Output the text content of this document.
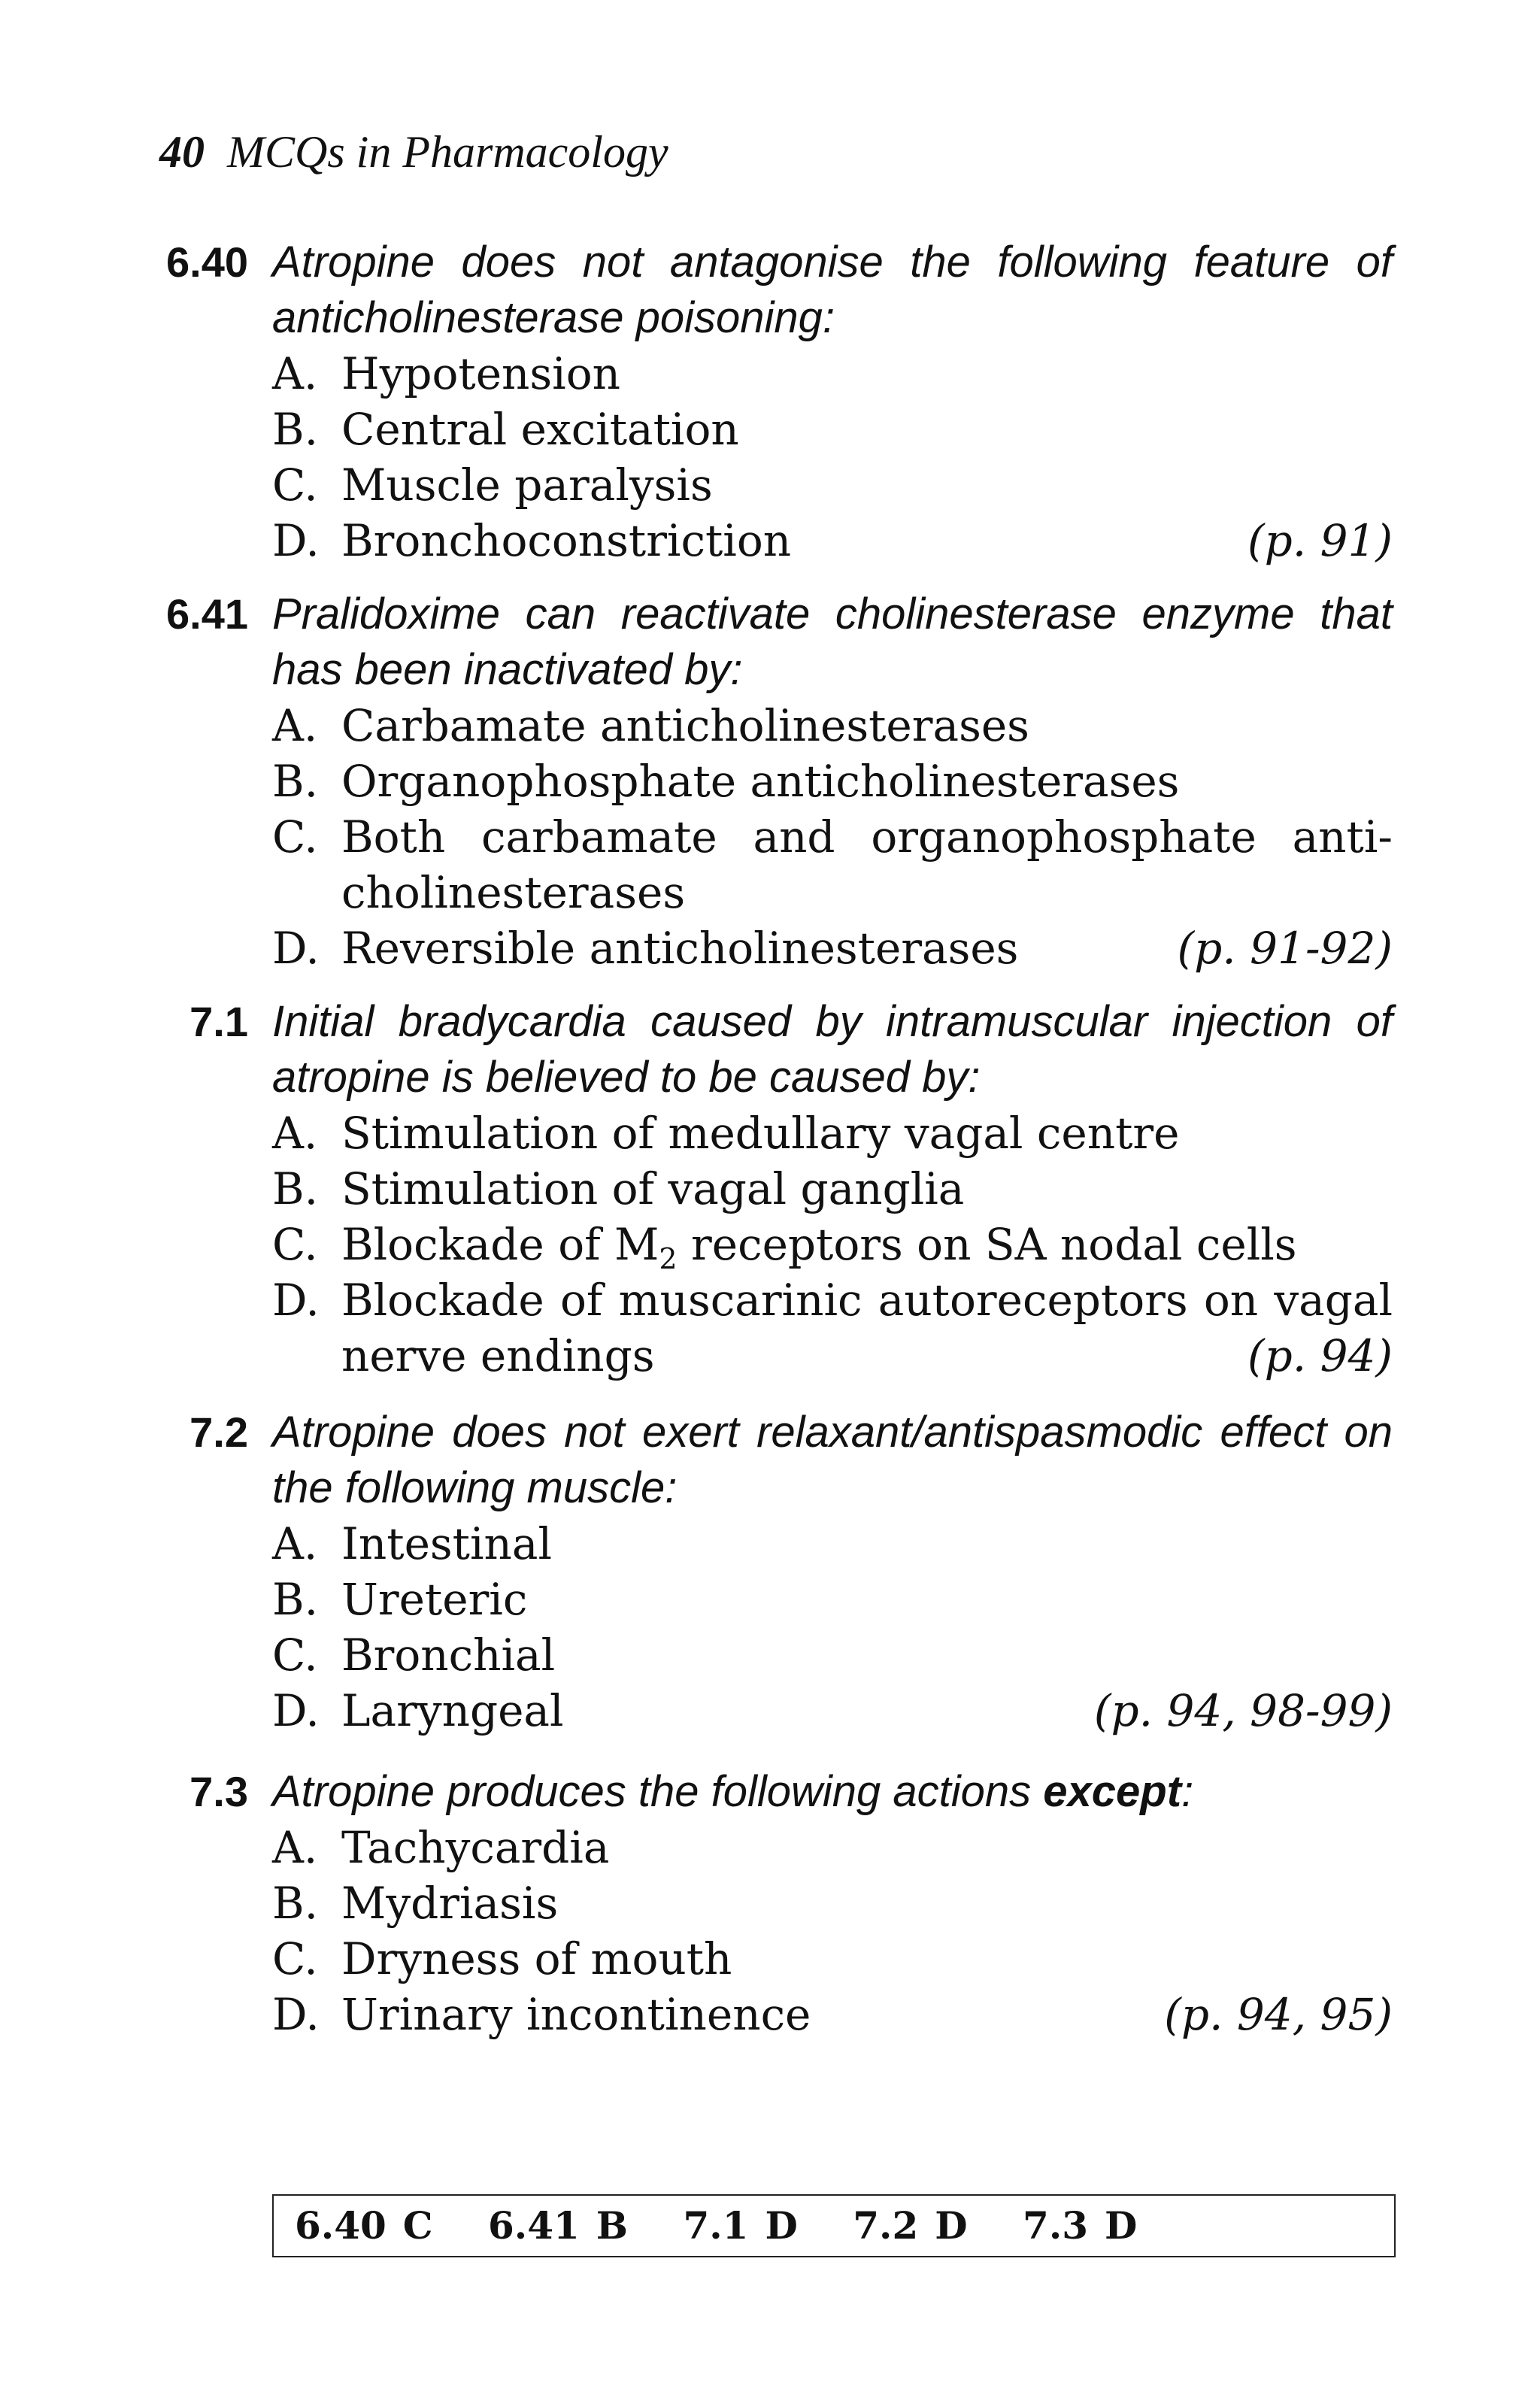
40 MCQs in Pharmacology
6.40 Atropine does not antagonise the following feature of anticholinesterase poisoning:
A. Hypotension
B. Central excitation
C. Muscle paralysis
D. Bronchoconstriction	(p. 91)
6.41 Pralidoxime can reactivate cholinesterase enzyme that has been inactivated by:
A. Carbamate anticholinesterases
B. Organophosphate anticholinesterases
C. Both carbamate and organophosphate anti- cholinesterases
D. Reversible anticholinesterases	(p. 91-92)
7.1 Initial bradycardia caused by intramuscular injection of atropine is believed to be caused by:
A. Stimulation of medullary vagal centre
B. Stimulation of vagal ganglia
C. Blockade of $M_2$ receptors on SA nodal cells
D. Blockade of muscarinic autoreceptors on vagal nerve endings	(p. 94)
7.2 Atropine does not exert relaxant/antispasmodic effect on the following muscle:
A. Intestinal
B. Ureteric
C. Bronchial
D. Laryngeal	(p. 94, 98-99)
7.3 Atropine produces the following actions except:
A. Tachycardia
B. Mydriasis
C. Dryness of mouth
D. Urinary incontinence	(p. 94, 95)
6.40 C 6.41 B 7.1 D 7.2 D 7.3 D
